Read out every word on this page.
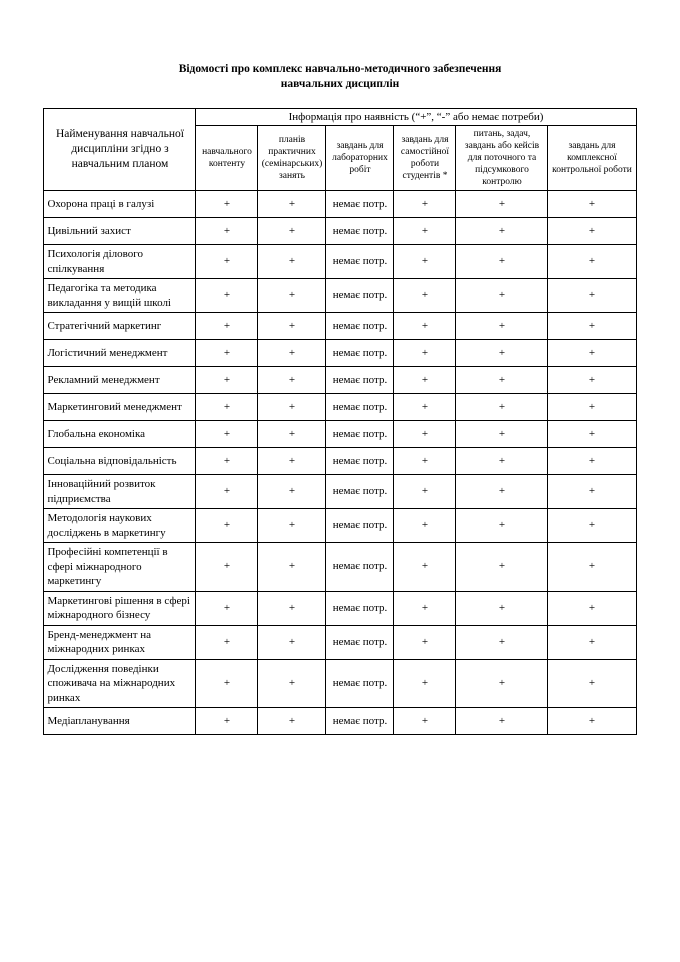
Відомості про комплекс навчально-методичного забезпечення
навчальних дисциплін
Найменування навчальної дисципліни згідно з навчальним планом	Інформація про наявність (“+”, “-” або немає потреби)					
	навчального контенту	планів практичних (семінарських) занять	завдань для лабораторних робіт	завдань для самостійної роботи студентів *	питань, задач, завдань або кейсів для поточного та підсумкового контролю	завдань для комплексної контрольної роботи
Охорона праці в галузі	+	+	немає потр.	+	+	+
Цивільний захист	+	+	немає потр.	+	+	+
Психологія ділового спілкування	+	+	немає потр.	+	+	+
Педагогіка та методика викладання у вищій школі	+	+	немає потр.	+	+	+
Стратегічний маркетинг	+	+	немає потр.	+	+	+
Логістичний менеджмент	+	+	немає потр.	+	+	+
Рекламний менеджмент	+	+	немає потр.	+	+	+
Маркетинговий менеджмент	+	+	немає потр.	+	+	+
Глобальна економіка	+	+	немає потр.	+	+	+
Соціальна відповідальність	+	+	немає потр.	+	+	+
Інноваційний розвиток підприємства	+	+	немає потр.	+	+	+
Методологія наукових досліджень в маркетингу	+	+	немає потр.	+	+	+
Професійні компетенції в сфері міжнародного маркетингу	+	+	немає потр.	+	+	+
Маркетингові рішення в сфері міжнародного бізнесу	+	+	немає потр.	+	+	+
Бренд-менеджмент на міжнародних ринках	+	+	немає потр.	+	+	+
Дослідження поведінки споживача на міжнародних ринках	+	+	немає потр.	+	+	+
Медіапланування	+	+	немає потр.	+	+	+
